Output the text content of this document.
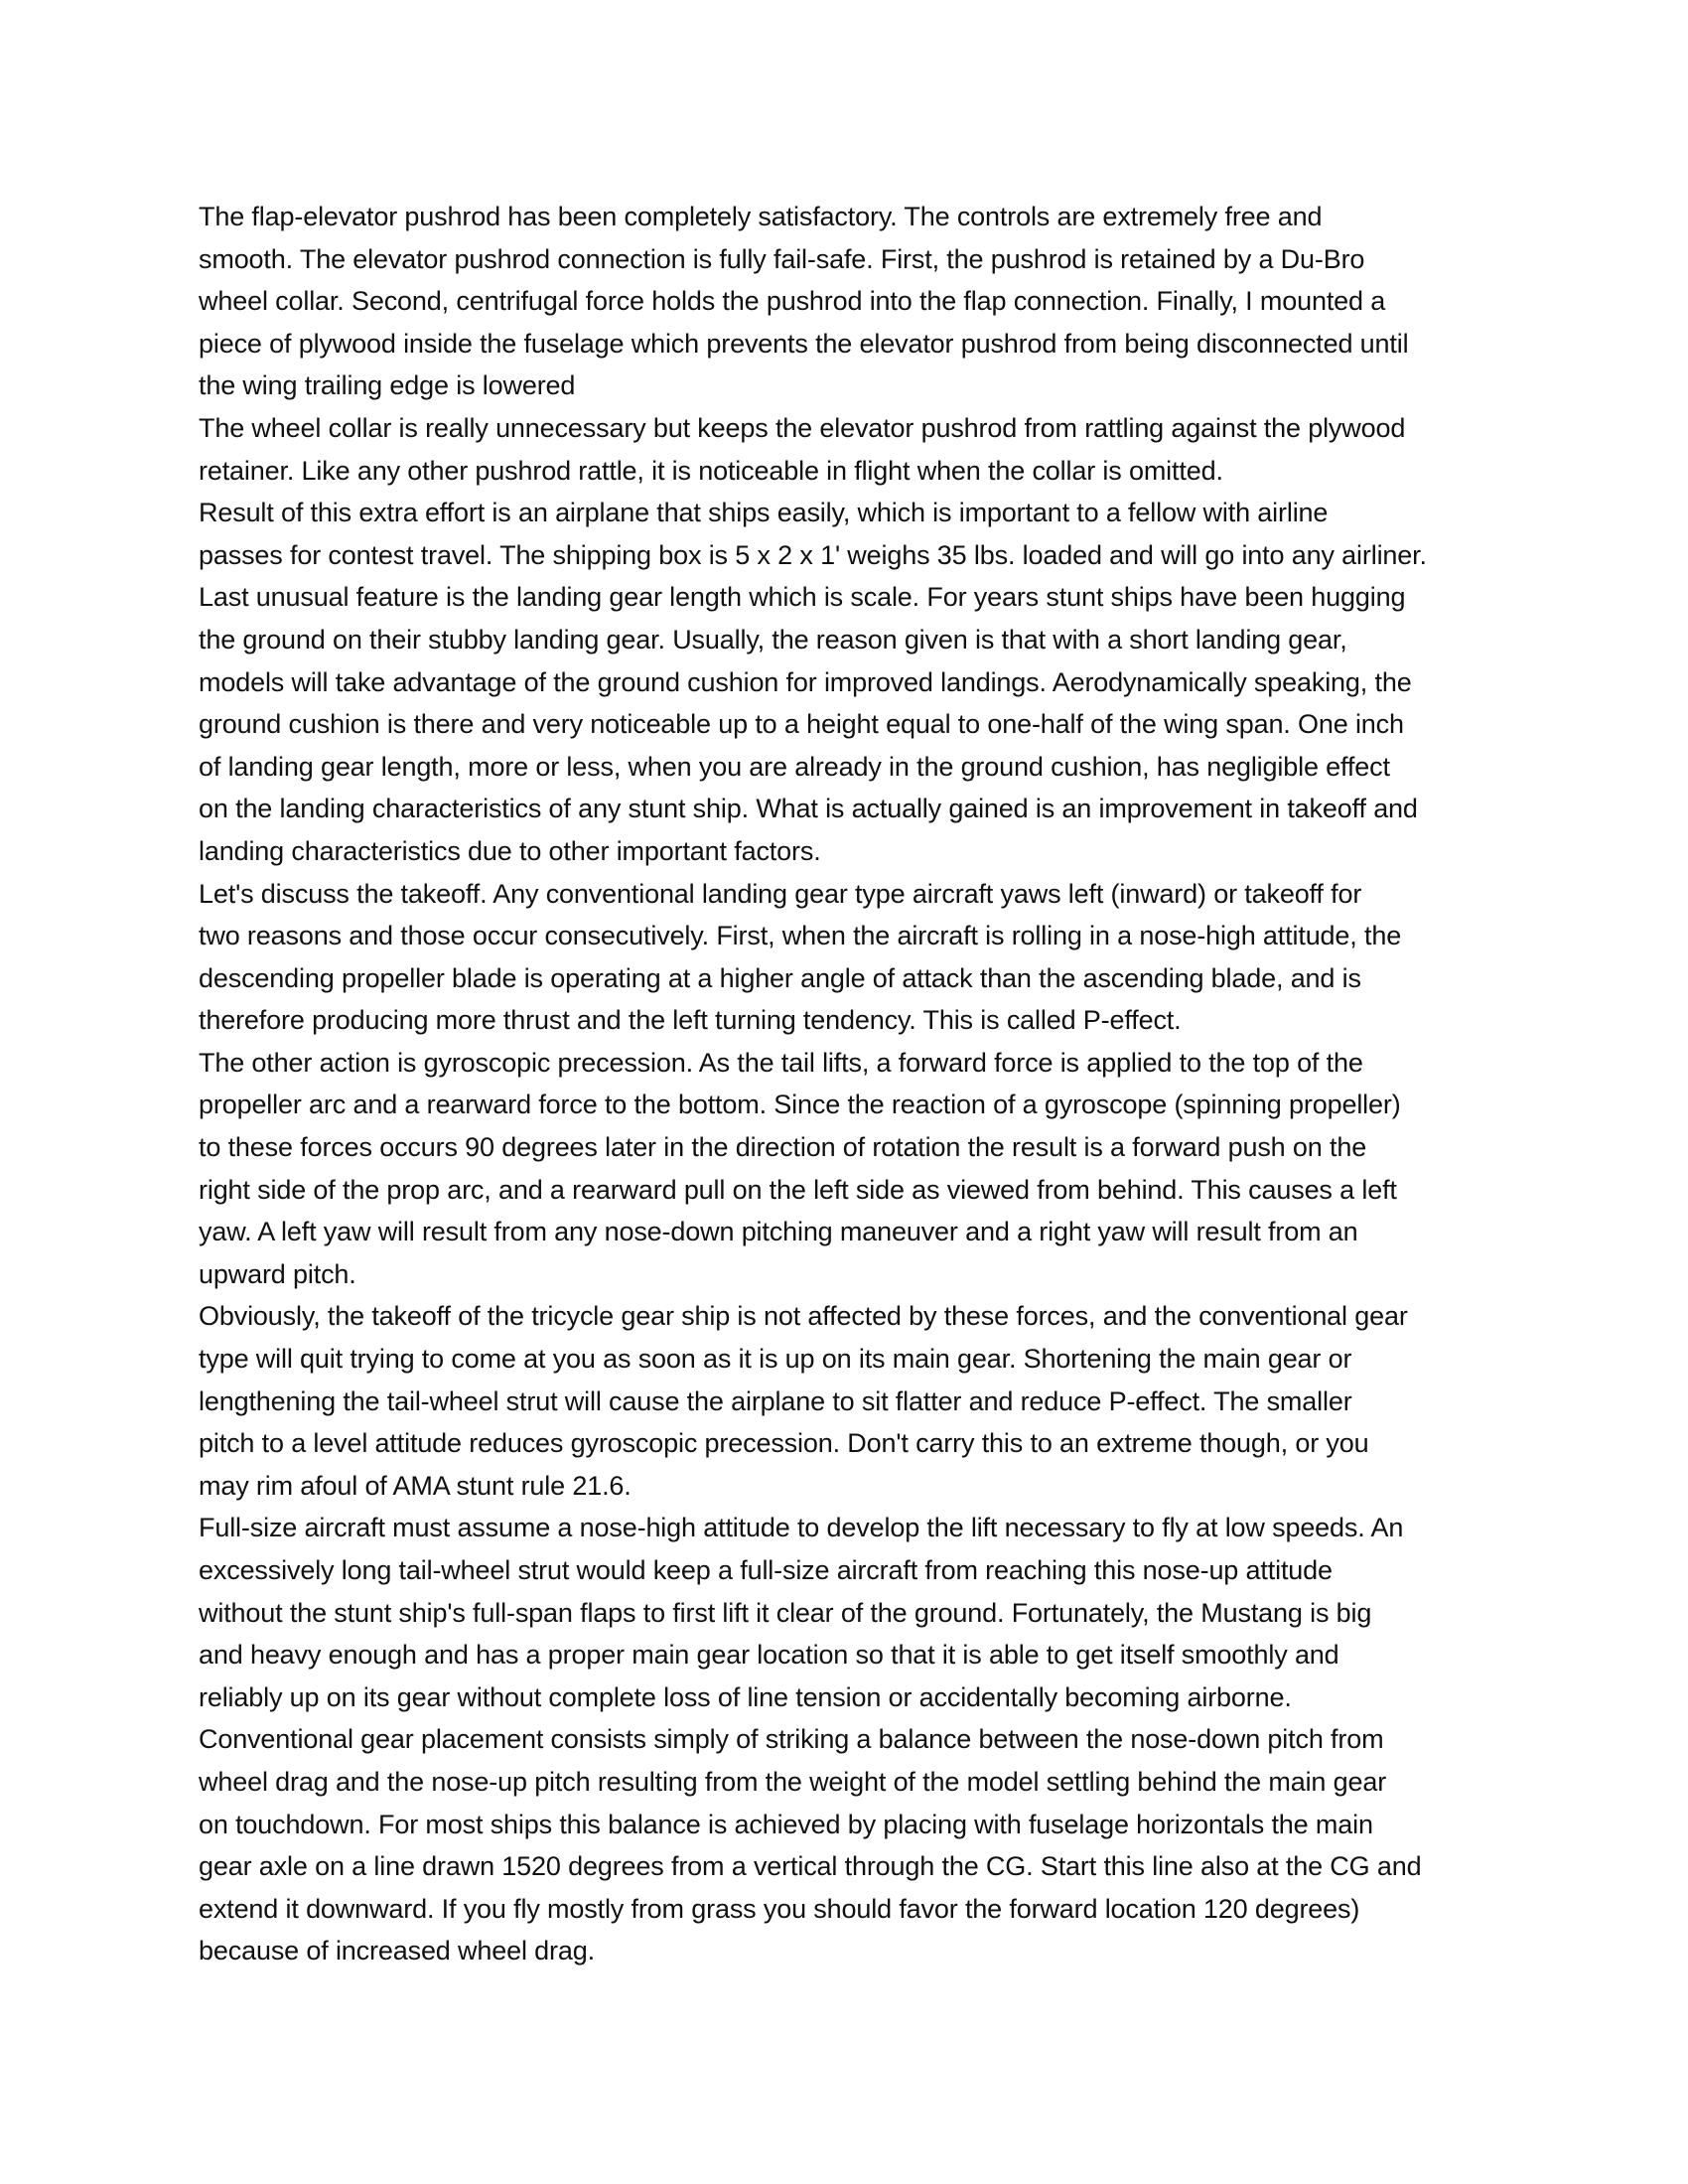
The flap-elevator pushrod has been completely satisfactory. The controls are extremely free and
smooth. The elevator pushrod connection is fully fail-safe. First, the pushrod is retained by a Du-Bro
wheel collar. Second, centrifugal force holds the pushrod into the flap connection. Finally, I mounted a
piece of plywood inside the fuselage which prevents the elevator pushrod from being disconnected until
the wing trailing edge is lowered
The wheel collar is really unnecessary but keeps the elevator pushrod from rattling against the plywood
retainer. Like any other pushrod rattle, it is noticeable in flight when the collar is omitted.
Result of this extra effort is an airplane that ships easily, which is important to a fellow with airline
passes for contest travel. The shipping box is 5 x 2 x 1' weighs 35 lbs. loaded and will go into any airliner.
Last unusual feature is the landing gear length which is scale. For years stunt ships have been hugging
the ground on their stubby landing gear. Usually, the reason given is that with a short landing gear,
models will take advantage of the ground cushion for improved landings. Aerodynamically speaking, the
ground cushion is there and very noticeable up to a height equal to one-half of the wing span. One inch
of landing gear length, more or less, when you are already in the ground cushion, has negligible effect
on the landing characteristics of any stunt ship. What is actually gained is an improvement in takeoff and
landing characteristics due to other important factors.
Let's discuss the takeoff. Any conventional landing gear type aircraft yaws left (inward) or takeoff for
two reasons and those occur consecutively. First, when the aircraft is rolling in a nose-high attitude, the
descending propeller blade is operating at a higher angle of attack than the ascending blade, and is
therefore producing more thrust and the left turning tendency. This is called P-effect.
The other action is gyroscopic precession. As the tail lifts, a forward force is applied to the top of the
propeller arc and a rearward force to the bottom. Since the reaction of a gyroscope (spinning propeller)
to these forces occurs 90 degrees later in the direction of rotation the result is a forward push on the
right side of the prop arc, and a rearward pull on the left side as viewed from behind. This causes a left
yaw. A left yaw will result from any nose-down pitching maneuver and a right yaw will result from an
upward pitch.
Obviously, the takeoff of the tricycle gear ship is not affected by these forces, and the conventional gear
type will quit trying to come at you as soon as it is up on its main gear. Shortening the main gear or
lengthening the tail-wheel strut will cause the airplane to sit flatter and reduce P-effect. The smaller
pitch to a level attitude reduces gyroscopic precession. Don't carry this to an extreme though, or you
may rim afoul of AMA stunt rule 21.6.
Full-size aircraft must assume a nose-high attitude to develop the lift necessary to fly at low speeds. An
excessively long tail-wheel strut would keep a full-size aircraft from reaching this nose-up attitude
without the stunt ship's full-span flaps to first lift it clear of the ground. Fortunately, the Mustang is big
and heavy enough and has a proper main gear location so that it is able to get itself smoothly and
reliably up on its gear without complete loss of line tension or accidentally becoming airborne.
Conventional gear placement consists simply of striking a balance between the nose-down pitch from
wheel drag and the nose-up pitch resulting from the weight of the model settling behind the main gear
on touchdown. For most ships this balance is achieved by placing with fuselage horizontals the main
gear axle on a line drawn 1520 degrees from a vertical through the CG. Start this line also at the CG and
extend it downward. If you fly mostly from grass you should favor the forward location 120 degrees)
because of increased wheel drag.
